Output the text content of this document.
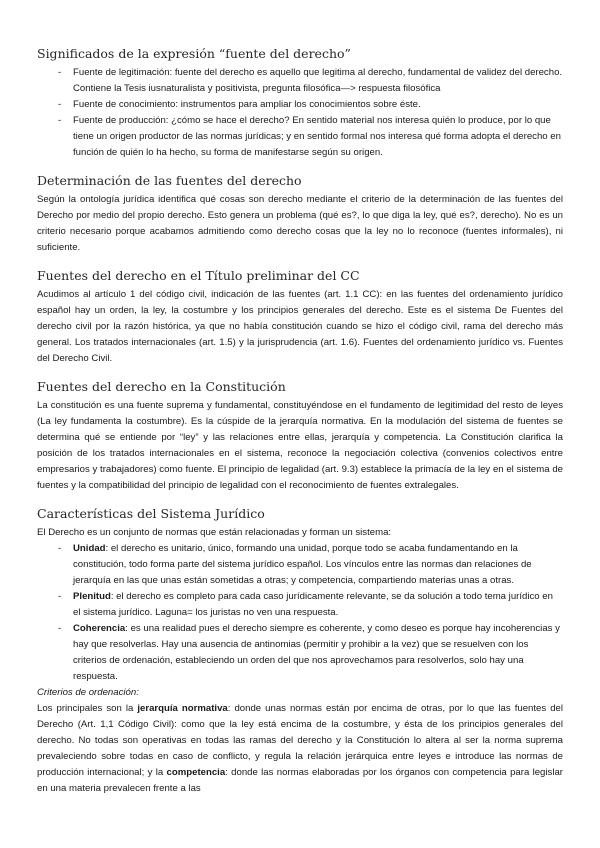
Significados de la expresión “fuente del derecho”
- Fuente de legitimación: fuente del derecho es aquello que legitima al derecho, fundamental de validez del derecho. Contiene la Tesis iusnaturalista y positivista, pregunta filosófica—> respuesta filosófica
- Fuente de conocimiento: instrumentos para ampliar los conocimientos sobre éste.
- Fuente de producción: ¿cómo se hace el derecho? En sentido material nos interesa quién lo produce, por lo que tiene un origen productor de las normas jurídicas; y en sentido formal nos interesa qué forma adopta el derecho en función de quién lo ha hecho, su forma de manifestarse según su origen.
Determinación de las fuentes del derecho

Según la ontología jurídica identifica qué cosas son derecho mediante el criterio de la determinación de las fuentes del Derecho por medio del propio derecho. Esto genera un problema (qué es?, lo que diga la ley, qué es?, derecho). No es un criterio necesario porque acabamos admitiendo como derecho cosas que la ley no lo reconoce (fuentes informales), ni suficiente.

Fuentes del derecho en el Título preliminar del CC

Acudimos al artículo 1 del código civil, indicación de las fuentes (art. 1.1 CC): en las fuentes del ordenamiento jurídico español hay un orden, la ley, la costumbre y los principios generales del derecho. Este es el sistema De Fuentes del derecho civil por la razón histórica, ya que no había constitución cuando se hizo el código civil, rama del derecho más general. Los tratados internacionales (art. 1.5) y la jurisprudencia (art. 1.6). Fuentes del ordenamiento jurídico vs. Fuentes del Derecho Civil.

Fuentes del derecho en la Constitución

La constitución es una fuente suprema y fundamental, constituyéndose en el fundamento de legitimidad del resto de leyes (La ley fundamenta la costumbre). Es la cúspide de la jerarquía normativa. En la modulación del sistema de fuentes se determina qué se entiende por “ley” y las relaciones entre ellas, jerarquía y competencia. La Constitución clarifica la posición de los tratados internacionales en el sistema, reconoce la negociación colectiva (convenios colectivos entre empresarios y trabajadores) como fuente. El principio de legalidad (art. 9.3) establece la primacía de la ley en el sistema de fuentes y la compatibilidad del principio de legalidad con el reconocimiento de fuentes extralegales.

Características del Sistema Jurídico

El Derecho es un conjunto de normas que están relacionadas y forman un sistema:

- Unidad: el derecho es unitario, único, formando una unidad, porque todo se acaba fundamentando en la constitución, todo forma parte del sistema jurídico español. Los vínculos entre las normas dan relaciones de jerarquía en las que unas están sometidas a otras; y competencia, compartiendo materias unas a otras.
- Plenitud: el derecho es completo para cada caso jurídicamente relevante, se da solución a todo tema jurídico en el sistema jurídico. Laguna= los juristas no ven una respuesta.
- Coherencia: es una realidad pues el derecho siempre es coherente, y como deseo es porque hay incoherencias y hay que resolverlas. Hay una ausencia de antinomias (permitir y prohibir a la vez) que se resuelven con los criterios de ordenación, estableciendo un orden del que nos aprovechamos para resolverlos, solo hay una respuesta.
Criterios de ordenación:

Los principales son la jerarquía normativa: donde unas normas están por encima de otras, por lo que las fuentes del Derecho (Art. 1,1 Código Civil): como que la ley está encima de la costumbre, y ésta de los principios generales del derecho. No todas son operativas en todas las ramas del derecho y la Constitución lo altera al ser la norma suprema prevaleciendo sobre todas en caso de conflicto, y regula la relación jerárquica entre leyes e introduce las normas de producción internacional; y la competencia: donde las normas elaboradas por los órganos con competencia para legislar en una materia prevalecen frente a las
